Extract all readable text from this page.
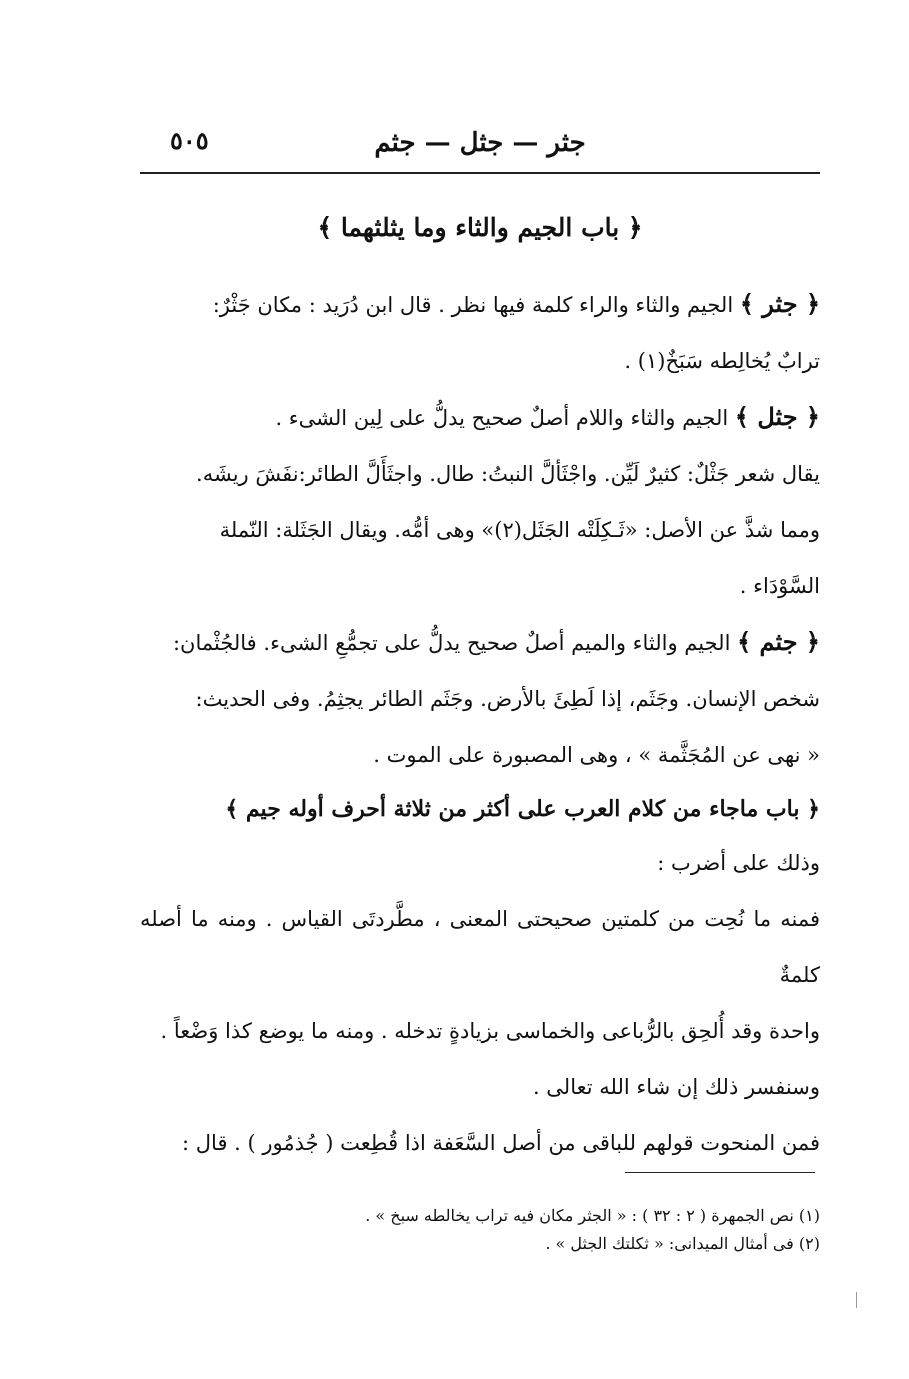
جثر — جثل — جثم
٥٠٥
﴿ باب الجيم والثاء وما يثلثهما ﴾
﴿ جثر ﴾ الجيم والثاء والراء كلمة فيها نظر . قال ابن دُرَيد : مكان جَثْرٌ:
ترابٌ يُخالِطه سَبَخٌ(١) .
﴿ جثل ﴾ الجيم والثاء واللام أصلٌ صحيح يدلُّ على لِين الشىء .
يقال شعر جَثْلٌ: كثيرٌ لَيِّن. واجْثَألَّ النبتُ: طال. واجثَأَلَّ الطائر:نفَشَ ريشَه.
ومما شذَّ عن الأصل: «ثَـكِلَتْه الجَثَل(٢)» وهى أمُّه. ويقال الجَثَلة: النّملة
السَّوْدَاء .
﴿ جثم ﴾ الجيم والثاء والميم أصلٌ صحيح يدلُّ على تجمُّعِ الشىء. فالجُثْمان:
شخص الإنسان. وجَثَم، إذا لَطِئَ بالأرض. وجَثَم الطائر يجثِمُ. وفى الحديث:
« نهى عن المُجَثَّمة » ، وهى المصبورة على الموت .
﴿ باب ماجاء من كلام العرب على أكثر من ثلاثة أحرف أوله جيم ﴾
وذلك على أضرب :
فمنه ما نُحِت من كلمتين صحيحتى المعنى ، مطَّردتَى القياس . ومنه ما أصله كلمةٌ
واحدة وقد أُلحِق بالرُّباعى والخماسى بزيادةٍ تدخله . ومنه ما يوضع كذا وَضْعاً .
وسنفسر ذلك إن شاء الله تعالى .
فمن المنحوت قولهم للباقى من أصل السَّعَفة اذا قُطِعت ( جُذمُور ) . قال :
(١) نص الجمهرة ( ٢ : ٣٢ ) : « الجثر مكان فيه تراب يخالطه سبخ » .
(٢) فى أمثال الميدانى: « ثكلتك الجثل » .
